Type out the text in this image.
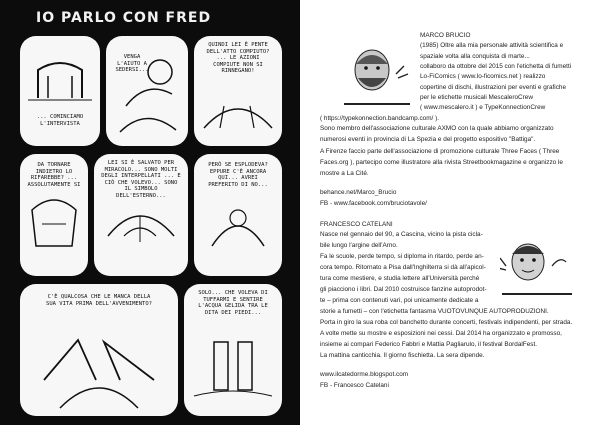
IO PARLO CON FRED
... COMINCIAMO L'INTERVISTA
VENGA L'AIUTO A SEDERSI...
QUINDI LEI È PENTE DELL'ATTO COMPIUTO? ... LE AZIONI COMPIUTE NON SI RINNEGANO!
DA TORNARE INDIETRO LO RIFAREBBE? ... ASSOLUTAMENTE SI
LEI SI È SALVATO PER MIRACOLO... SONO MOLTI DEGLI INTERPELLATI ... E CIÒ CHE VOLEVO... SONO IL SIMBOLO DELL'ESTERNO...
PERÒ SE ESPLODEVA? EPPURE C'È ANCORA QUI... AVREI PREFERITO DI NO...
C'È QUALCOSA CHE LE MANCA DELLA SUA VITA PRIMA DELL'AVVENIMENTO?
SOLO... CHE VOLEVA DI TUFFARMI E SENTIRE L'ACQUA GELIDA TRA LE DITA DEI PIEDI...
MARCO BRUCIO
(1985) Oltre alla mia personale attività scientifica e
spaziale volta alla conquista di marte...
collaboro da ottobre del 2015 con l'etichetta di fumetti
Lo-FiComics ( www.lo-ficomics.net ) realizzo
copertine di dischi, illustrazioni per eventi e grafiche
per le etichette musicali MescaleroCrew
( www.mescalero.it ) e TypeKonnectionCrew
( https://typekonnection.bandcamp.com/ ).
Sono membro dell'associazione culturale AXMO con la quale abbiamo organizzato
numerosi eventi in provincia di La Spezia e del progetto espositivo "Battiga".
A Firenze faccio parte dell'associazione di promozione culturale Three Faces ( Three
Faces.org ), partecipo come illustratore alla rivista Streetbookmagazine e organizzo le
mostre a La Cité.
behance.net/Marco_Brucio
FB - www.facebook.com/bruciotavole/
FRANCESCO CATELANI
Nasce nel gennaio del 90, a Cascina, vicino la pista cicla-
bile lungo l'argine dell'Arno.
Fa le scuole, perde tempo, si diploma in ritardo, perde an-
cora tempo. Ritornato a Pisa dall'Inghilterra si dà all'apicol-
tura come mestiere, e studia lettere all'Università perché
gli piacciono i libri. Dal 2010 costruisce fanzine autoprodot-
te – prima con contenuti vari, poi unicamente dedicate a
storie a fumetti – con l'etichetta fantasma VUOTOVUNQUE AUTOPRODUZIONI.
Porta in giro la sua roba col banchetto durante concerti, festivals indipendenti, per strada.
A volte mette su mostre e esposizioni nei cessi. Dal 2014 ha organizzato e promosso,
insieme ai compari Federico Fabbri e Mattia Pagliarulo, il festival BordalFest.
La mattina canticchia. Il giorno fischietta. La sera dipende.
www.ilcatedorme.blogspot.com
FB - Francesco Catelani
